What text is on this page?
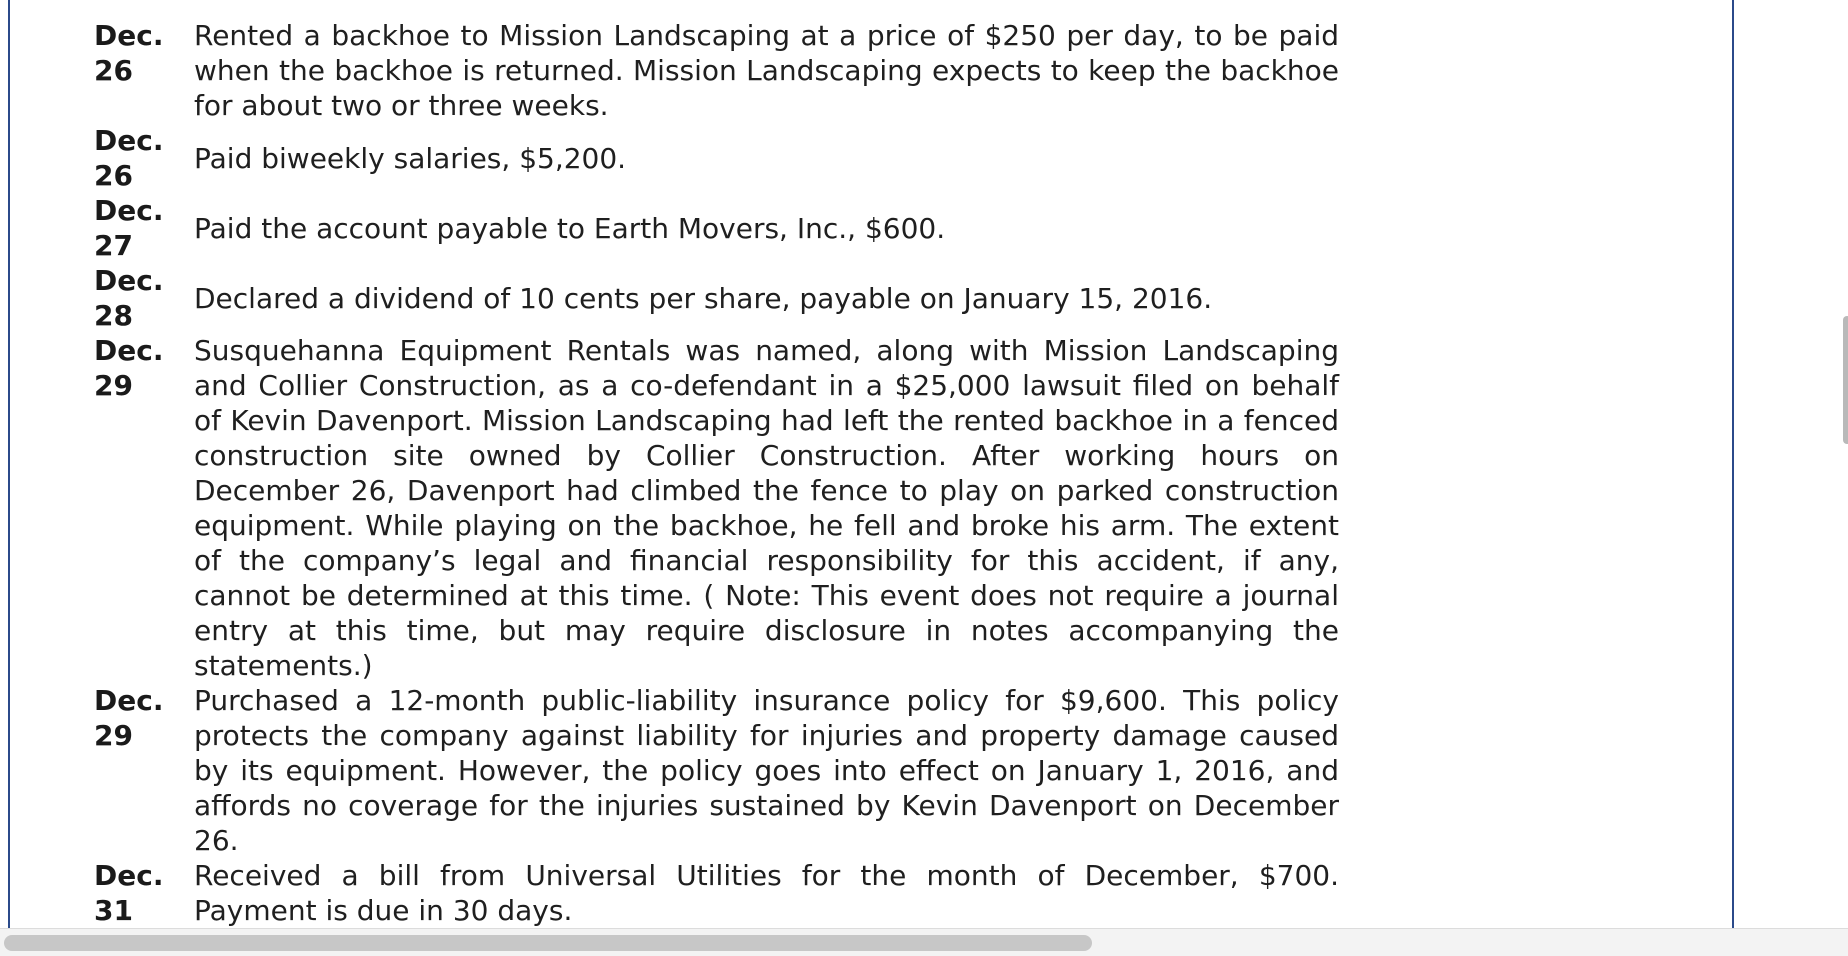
Dec.
26
Rented a backhoe to Mission Landscaping at a price of $250 per day, to be paid when the backhoe is returned. Mission Landscaping expects to keep the backhoe for about two or three weeks.
Dec.
26
Paid biweekly salaries, $5,200.
Dec.
27
Paid the account payable to Earth Movers, Inc., $600.
Dec.
28
Declared a dividend of 10 cents per share, payable on January 15, 2016.
Dec.
29
Susquehanna Equipment Rentals was named, along with Mission Landscaping and Collier Construction, as a co-defendant in a $25,000 lawsuit filed on behalf of Kevin Davenport. Mission Landscaping had left the rented backhoe in a fenced construction site owned by Collier Construction. After working hours on December 26, Davenport had climbed the fence to play on parked construction equipment. While playing on the backhoe, he fell and broke his arm. The extent of the company’s legal and financial responsibility for this accident, if any, cannot be determined at this time. ( Note: This event does not require a journal entry at this time, but may require disclosure in notes accompanying the statements.)
Dec.
29
Purchased a 12-month public-liability insurance policy for $9,600. This policy protects the company against liability for injuries and property damage caused by its equipment. However, the policy goes into effect on January 1, 2016, and affords no coverage for the injuries sustained by Kevin Davenport on December 26.
Dec.
31
Received a bill from Universal Utilities for the month of December, $700. Payment is due in 30 days.
